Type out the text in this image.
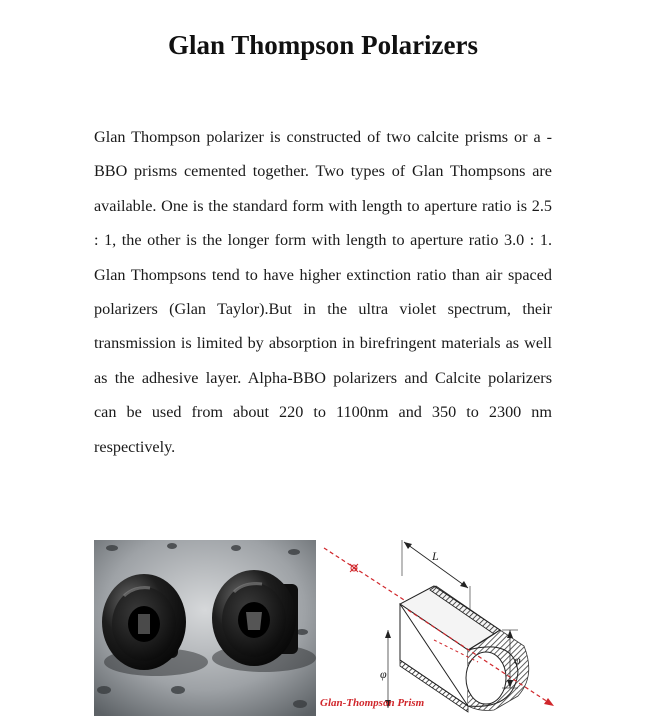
Glan Thompson Polarizers

Glan Thompson polarizer is constructed of two calcite prisms or a -BBO prisms cemented together. Two types of Glan Thompsons are available. One is the standard form with length to aperture ratio is 2.5 : 1, the other is the longer form with length to aperture ratio 3.0 : 1. Glan Thompsons tend to have higher extinction ratio than air spaced polarizers (Glan Taylor).But in the ultra violet spectrum, their transmission is limited by absorption in birefringent materials as well as the adhesive layer. Alpha-BBO polarizers and Calcite polarizers can be used from about 220 to 1100nm and 350 to 2300 nm respectively.

L
φ
φ
Glan-Thompson Prism
